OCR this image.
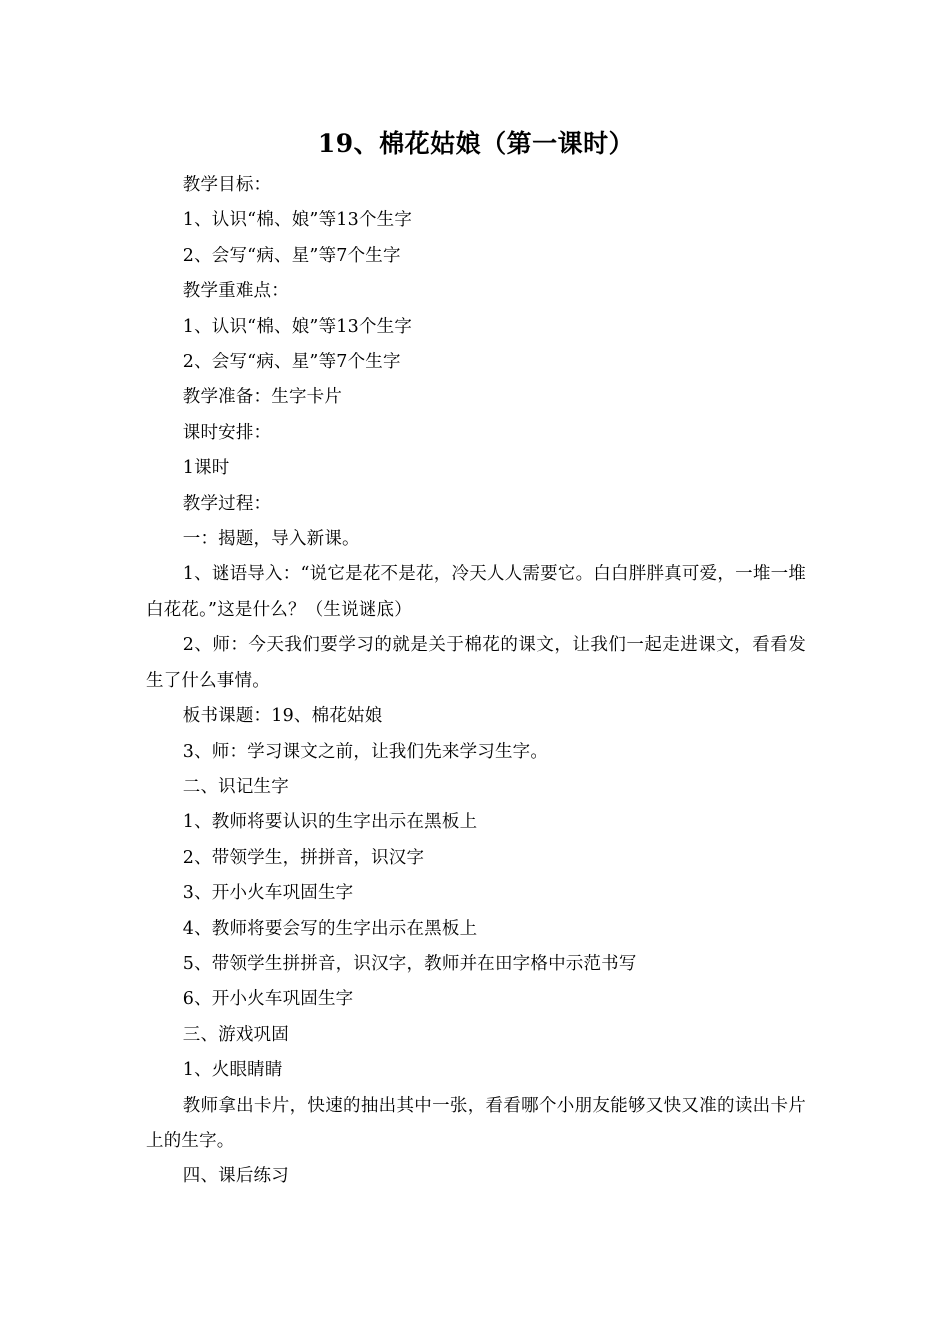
19、棉花姑娘（第一课时）

教学目标：

1、认识“棉、娘”等13个生字

2、会写“病、星”等7个生字

教学重难点：

1、认识“棉、娘”等13个生字

2、会写“病、星”等7个生字

教学准备：生字卡片

课时安排：

1课时

教学过程：

一：揭题，导入新课。

1、谜语导入：“说它是花不是花，冷天人人需要它。白白胖胖真可爱，一堆一堆白花花。”这是什么？（生说谜底）

2、师：今天我们要学习的就是关于棉花的课文，让我们一起走进课文，看看发生了什么事情。

板书课题：19、棉花姑娘

3、师：学习课文之前，让我们先来学习生字。

二、识记生字

1、教师将要认识的生字出示在黑板上

2、带领学生，拼拼音，识汉字

3、开小火车巩固生字

4、教师将要会写的生字出示在黑板上

5、带领学生拼拼音，识汉字，教师并在田字格中示范书写

6、开小火车巩固生字

三、游戏巩固

1、火眼睛睛

教师拿出卡片，快速的抽出其中一张，看看哪个小朋友能够又快又准的读出卡片上的生字。

四、课后练习
